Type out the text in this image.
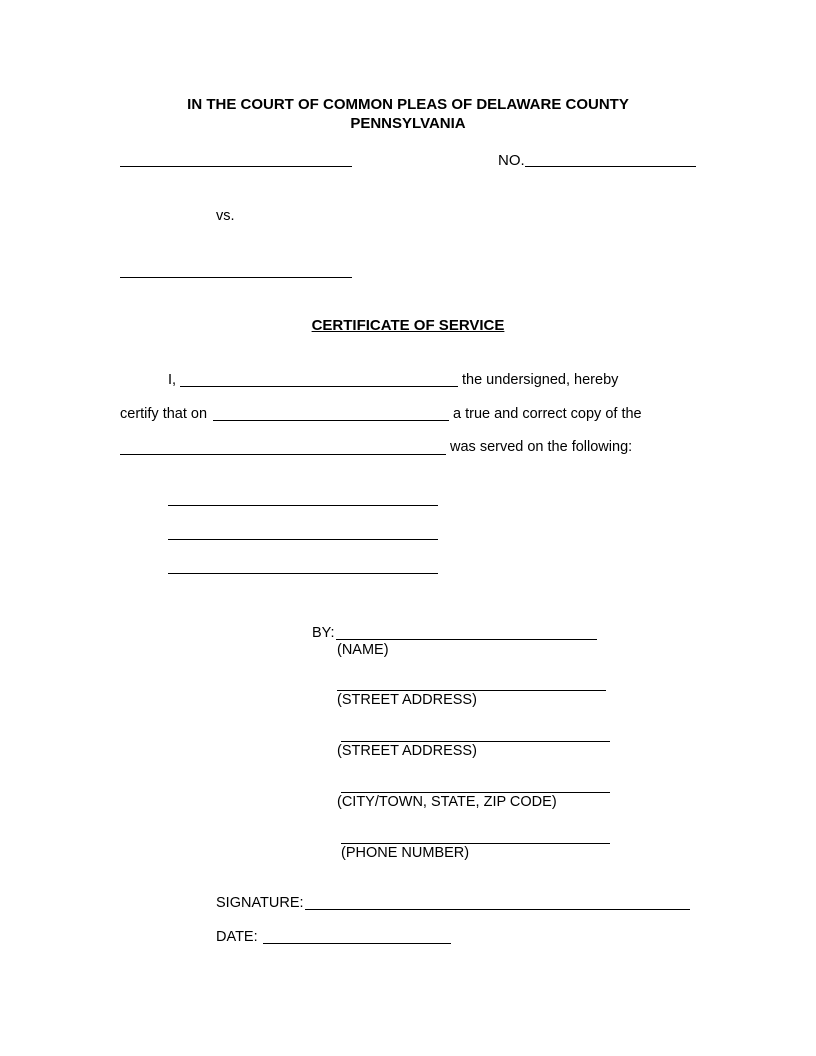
IN THE COURT OF COMMON PLEAS OF DELAWARE COUNTY
PENNSYLVANIA
NO.
vs.
CERTIFICATE OF SERVICE
I,	the undersigned, hereby
certify that on	a true and correct copy of the
was served on the following:
BY:
(NAME)
(STREET ADDRESS)
(STREET ADDRESS)
(CITY/TOWN, STATE, ZIP CODE)
(PHONE NUMBER)
SIGNATURE:
DATE:
